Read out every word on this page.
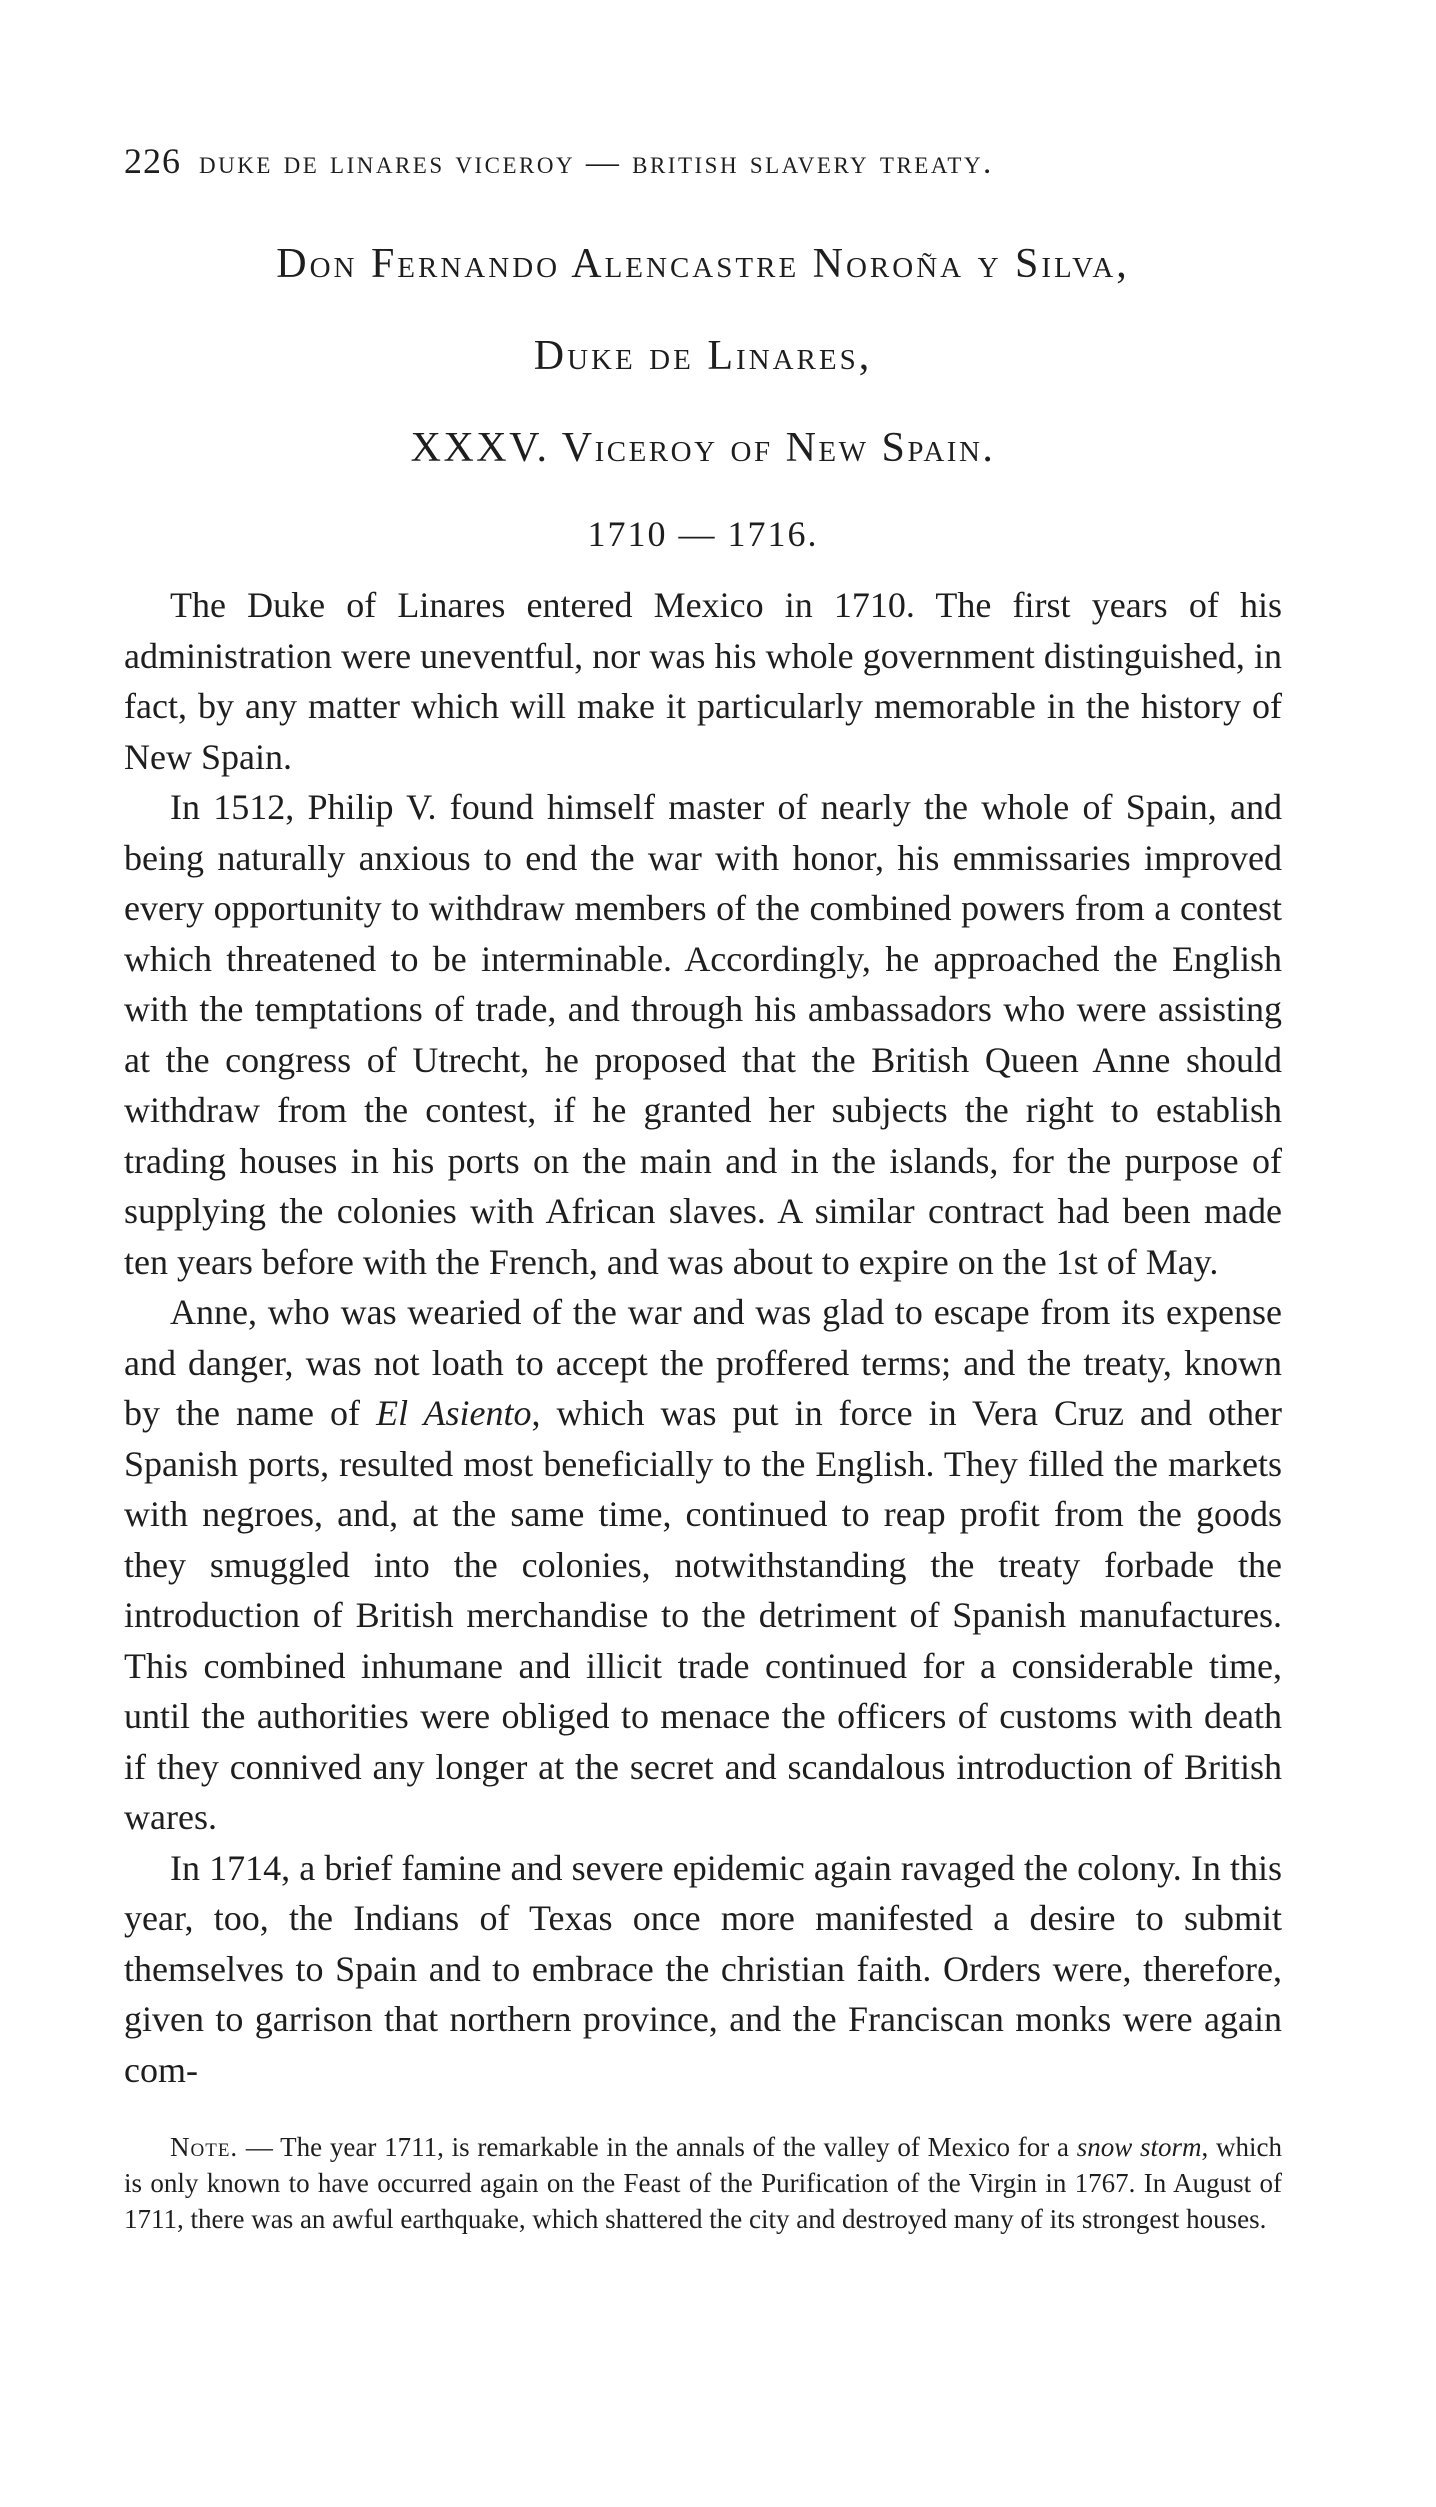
226 duke de linares viceroy — british slavery treaty.
Don Fernando Alencastre Noroña y Silva,
Duke de Linares,
XXXV. Viceroy of New Spain.
1710 — 1716.

The Duke of Linares entered Mexico in 1710. The first years of his administration were uneventful, nor was his whole government distinguished, in fact, by any matter which will make it particularly memorable in the history of New Spain.

In 1512, Philip V. found himself master of nearly the whole of Spain, and being naturally anxious to end the war with honor, his emmissaries improved every opportunity to withdraw members of the combined powers from a contest which threatened to be interminable. Accordingly, he approached the English with the temptations of trade, and through his ambassadors who were assisting at the congress of Utrecht, he proposed that the British Queen Anne should withdraw from the contest, if he granted her subjects the right to establish trading houses in his ports on the main and in the islands, for the purpose of supplying the colonies with African slaves. A similar contract had been made ten years before with the French, and was about to expire on the 1st of May.

Anne, who was wearied of the war and was glad to escape from its expense and danger, was not loath to accept the proffered terms; and the treaty, known by the name of El Asiento, which was put in force in Vera Cruz and other Spanish ports, resulted most beneficially to the English. They filled the markets with negroes, and, at the same time, continued to reap profit from the goods they smuggled into the colonies, notwithstanding the treaty forbade the introduction of British merchandise to the detriment of Spanish manufactures. This combined inhumane and illicit trade continued for a considerable time, until the authorities were obliged to menace the officers of customs with death if they connived any longer at the secret and scandalous introduction of British wares.

In 1714, a brief famine and severe epidemic again ravaged the colony. In this year, too, the Indians of Texas once more manifested a desire to submit themselves to Spain and to embrace the christian faith. Orders were, therefore, given to garrison that northern province, and the Franciscan monks were again com-

Note. — The year 1711, is remarkable in the annals of the valley of Mexico for a snow storm, which is only known to have occurred again on the Feast of the Purification of the Virgin in 1767. In August of 1711, there was an awful earthquake, which shattered the city and destroyed many of its strongest houses.
